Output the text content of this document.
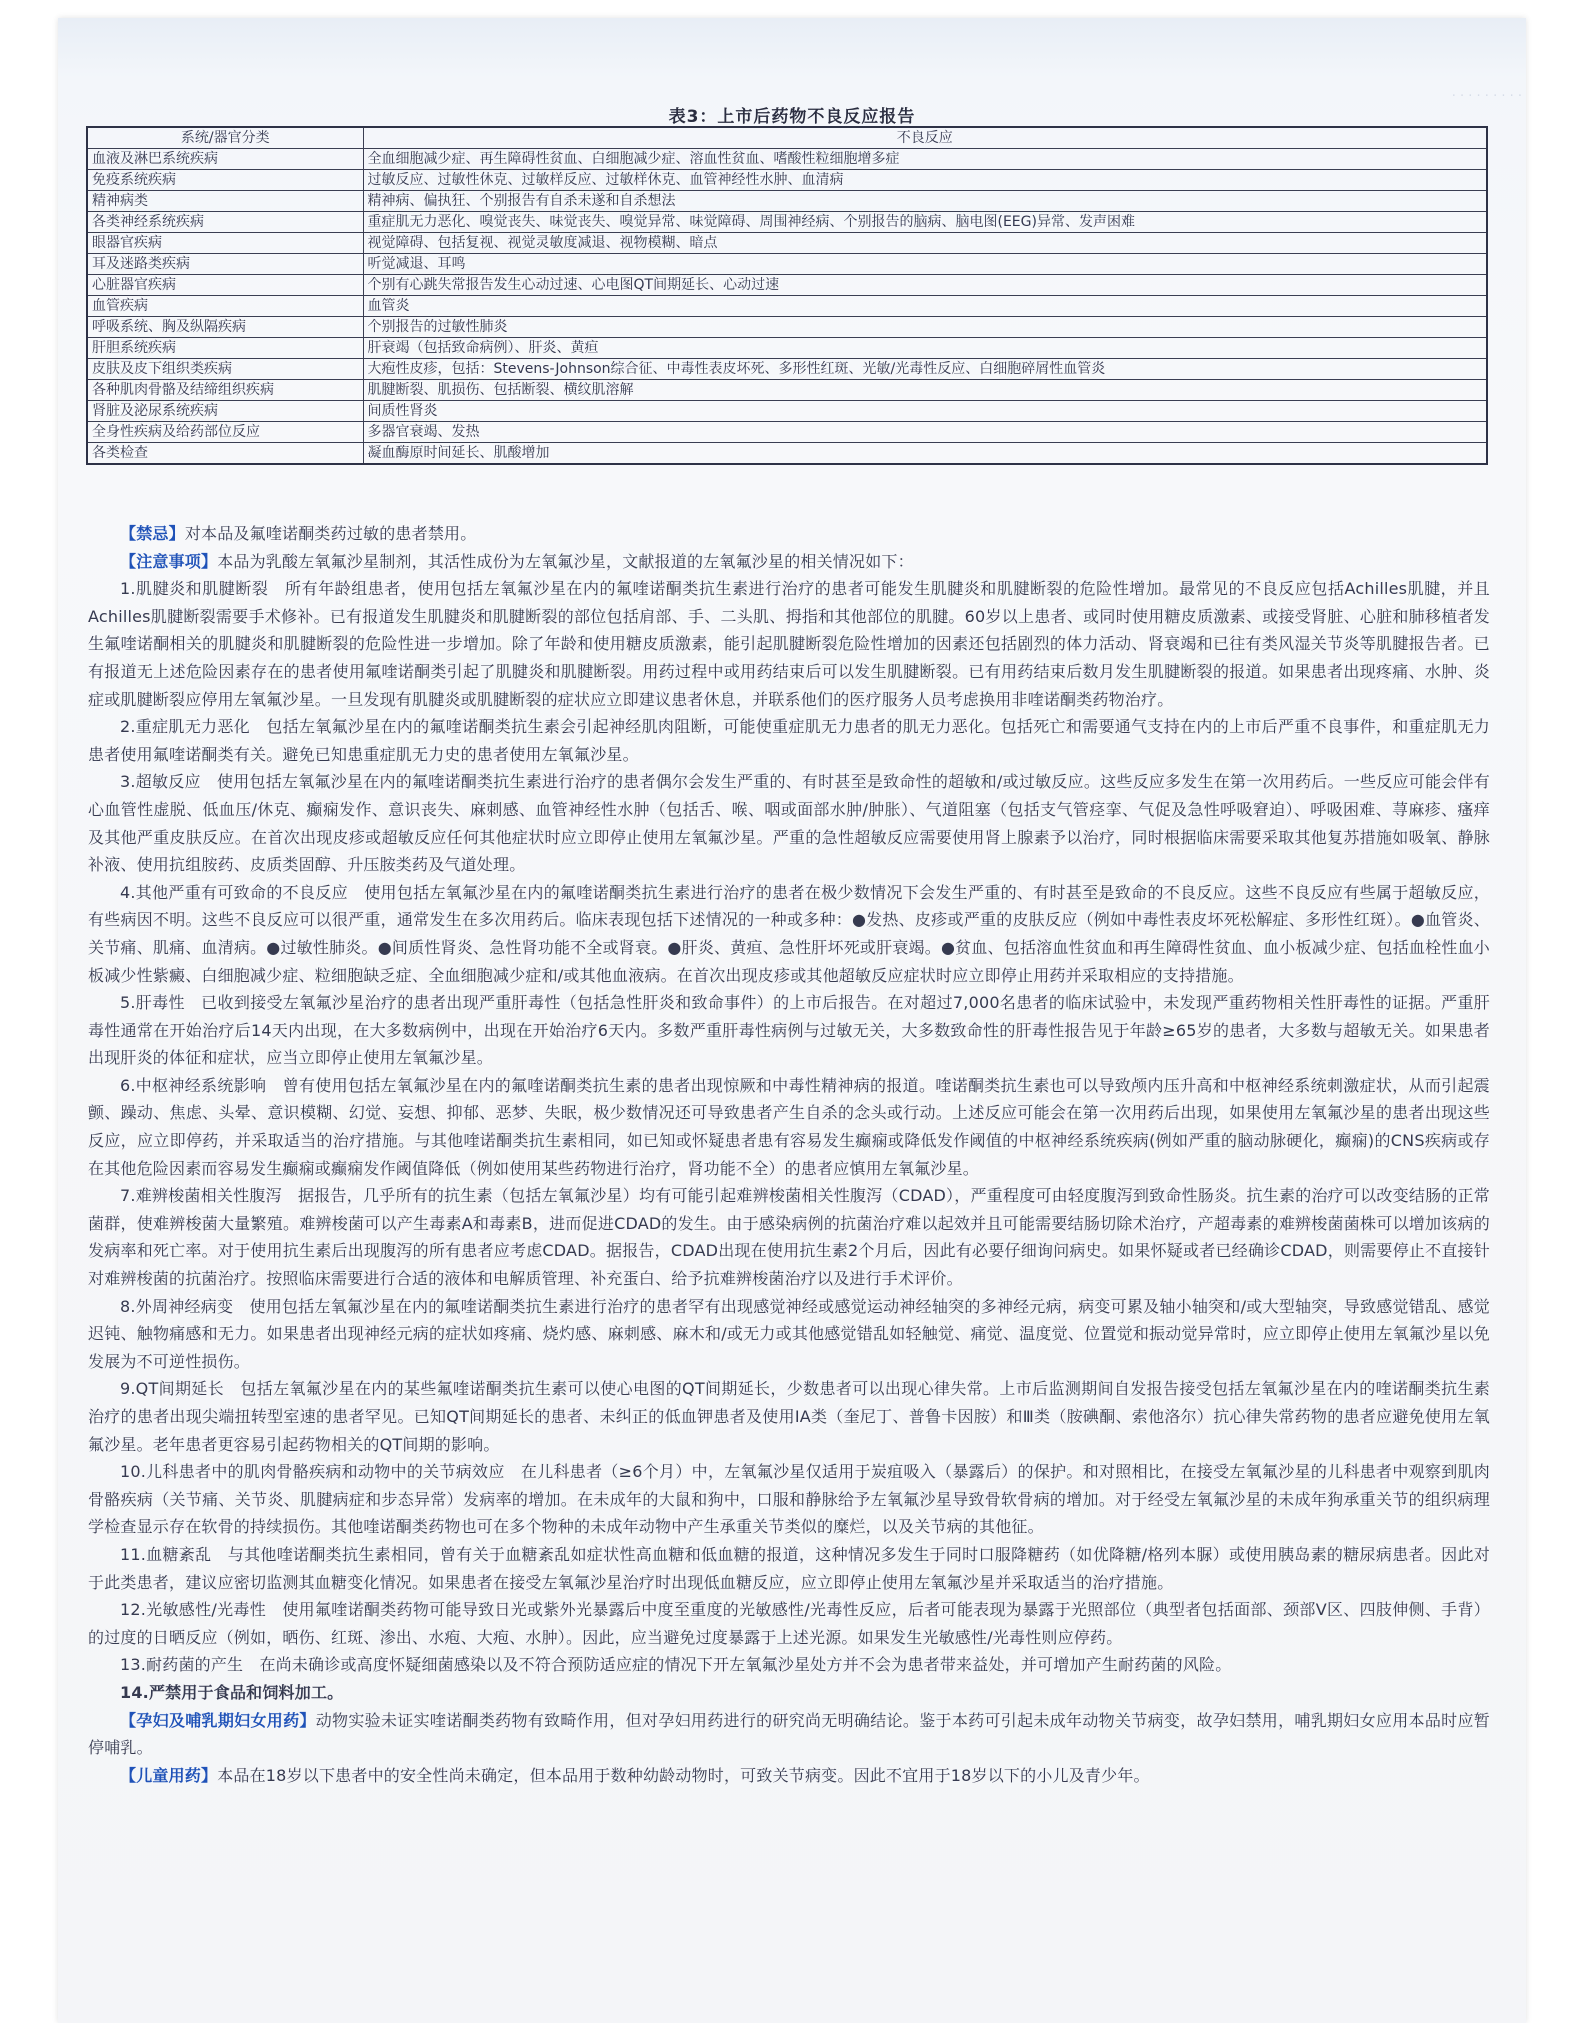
· · · · · · · · ·
表3：上市后药物不良反应报告
系统/器官分类	不良反应
血液及淋巴系统疾病	全血细胞减少症、再生障碍性贫血、白细胞减少症、溶血性贫血、嗜酸性粒细胞增多症
免疫系统疾病	过敏反应、过敏性休克、过敏样反应、过敏样休克、血管神经性水肿、血清病
精神病类	精神病、偏执狂、个别报告有自杀未遂和自杀想法
各类神经系统疾病	重症肌无力恶化、嗅觉丧失、味觉丧失、嗅觉异常、味觉障碍、周围神经病、个别报告的脑病、脑电图(EEG)异常、发声困难
眼器官疾病	视觉障碍、包括复视、视觉灵敏度减退、视物模糊、暗点
耳及迷路类疾病	听觉减退、耳鸣
心脏器官疾病	个别有心跳失常报告发生心动过速、心电图QT间期延长、心动过速
血管疾病	血管炎
呼吸系统、胸及纵隔疾病	个别报告的过敏性肺炎
肝胆系统疾病	肝衰竭（包括致命病例）、肝炎、黄疸
皮肤及皮下组织类疾病	大疱性皮疹，包括：Stevens-Johnson综合征、中毒性表皮坏死、多形性红斑、光敏/光毒性反应、白细胞碎屑性血管炎
各种肌肉骨骼及结缔组织疾病	肌腱断裂、肌损伤、包括断裂、横纹肌溶解
肾脏及泌尿系统疾病	间质性肾炎
全身性疾病及给药部位反应	多器官衰竭、发热
各类检查	凝血酶原时间延长、肌酸增加

【禁忌】对本品及氟喹诺酮类药过敏的患者禁用。

【注意事项】本品为乳酸左氧氟沙星制剂，其活性成份为左氧氟沙星，文献报道的左氧氟沙星的相关情况如下：

1.肌腱炎和肌腱断裂　所有年龄组患者，使用包括左氧氟沙星在内的氟喹诺酮类抗生素进行治疗的患者可能发生肌腱炎和肌腱断裂的危险性增加。最常见的不良反应包括Achilles肌腱，并且Achilles肌腱断裂需要手术修补。已有报道发生肌腱炎和肌腱断裂的部位包括肩部、手、二头肌、拇指和其他部位的肌腱。60岁以上患者、或同时使用糖皮质激素、或接受肾脏、心脏和肺移植者发生氟喹诺酮相关的肌腱炎和肌腱断裂的危险性进一步增加。除了年龄和使用糖皮质激素，能引起肌腱断裂危险性增加的因素还包括剧烈的体力活动、肾衰竭和已往有类风湿关节炎等肌腱报告者。已有报道无上述危险因素存在的患者使用氟喹诺酮类引起了肌腱炎和肌腱断裂。用药过程中或用药结束后可以发生肌腱断裂。已有用药结束后数月发生肌腱断裂的报道。如果患者出现疼痛、水肿、炎症或肌腱断裂应停用左氧氟沙星。一旦发现有肌腱炎或肌腱断裂的症状应立即建议患者休息，并联系他们的医疗服务人员考虑换用非喹诺酮类药物治疗。

2.重症肌无力恶化　包括左氧氟沙星在内的氟喹诺酮类抗生素会引起神经肌肉阻断，可能使重症肌无力患者的肌无力恶化。包括死亡和需要通气支持在内的上市后严重不良事件，和重症肌无力患者使用氟喹诺酮类有关。避免已知患重症肌无力史的患者使用左氧氟沙星。

3.超敏反应　使用包括左氧氟沙星在内的氟喹诺酮类抗生素进行治疗的患者偶尔会发生严重的、有时甚至是致命性的超敏和/或过敏反应。这些反应多发生在第一次用药后。一些反应可能会伴有心血管性虚脱、低血压/休克、癫痫发作、意识丧失、麻刺感、血管神经性水肿（包括舌、喉、咽或面部水肿/肿胀）、气道阻塞（包括支气管痉挛、气促及急性呼吸窘迫）、呼吸困难、荨麻疹、瘙痒及其他严重皮肤反应。在首次出现皮疹或超敏反应任何其他症状时应立即停止使用左氧氟沙星。严重的急性超敏反应需要使用肾上腺素予以治疗，同时根据临床需要采取其他复苏措施如吸氧、静脉补液、使用抗组胺药、皮质类固醇、升压胺类药及气道处理。

4.其他严重有可致命的不良反应　使用包括左氧氟沙星在内的氟喹诺酮类抗生素进行治疗的患者在极少数情况下会发生严重的、有时甚至是致命的不良反应。这些不良反应有些属于超敏反应，有些病因不明。这些不良反应可以很严重，通常发生在多次用药后。临床表现包括下述情况的一种或多种：●发热、皮疹或严重的皮肤反应（例如中毒性表皮坏死松解症、多形性红斑）。●血管炎、关节痛、肌痛、血清病。●过敏性肺炎。●间质性肾炎、急性肾功能不全或肾衰。●肝炎、黄疸、急性肝坏死或肝衰竭。●贫血、包括溶血性贫血和再生障碍性贫血、血小板减少症、包括血栓性血小板减少性紫癜、白细胞减少症、粒细胞缺乏症、全血细胞减少症和/或其他血液病。在首次出现皮疹或其他超敏反应症状时应立即停止用药并采取相应的支持措施。

5.肝毒性　已收到接受左氧氟沙星治疗的患者出现严重肝毒性（包括急性肝炎和致命事件）的上市后报告。在对超过7,000名患者的临床试验中，未发现严重药物相关性肝毒性的证据。严重肝毒性通常在开始治疗后14天内出现，在大多数病例中，出现在开始治疗6天内。多数严重肝毒性病例与过敏无关，大多数致命性的肝毒性报告见于年龄≥65岁的患者，大多数与超敏无关。如果患者出现肝炎的体征和症状，应当立即停止使用左氧氟沙星。

6.中枢神经系统影响　曾有使用包括左氧氟沙星在内的氟喹诺酮类抗生素的患者出现惊厥和中毒性精神病的报道。喹诺酮类抗生素也可以导致颅内压升高和中枢神经系统刺激症状，从而引起震颤、躁动、焦虑、头晕、意识模糊、幻觉、妄想、抑郁、恶梦、失眠，极少数情况还可导致患者产生自杀的念头或行动。上述反应可能会在第一次用药后出现，如果使用左氧氟沙星的患者出现这些反应，应立即停药，并采取适当的治疗措施。与其他喹诺酮类抗生素相同，如已知或怀疑患者患有容易发生癫痫或降低发作阈值的中枢神经系统疾病(例如严重的脑动脉硬化，癫痫)的CNS疾病或存在其他危险因素而容易发生癫痫或癫痫发作阈值降低（例如使用某些药物进行治疗，肾功能不全）的患者应慎用左氧氟沙星。

7.难辨梭菌相关性腹泻　据报告，几乎所有的抗生素（包括左氧氟沙星）均有可能引起难辨梭菌相关性腹泻（CDAD），严重程度可由轻度腹泻到致命性肠炎。抗生素的治疗可以改变结肠的正常菌群，使难辨梭菌大量繁殖。难辨梭菌可以产生毒素A和毒素B，进而促进CDAD的发生。由于感染病例的抗菌治疗难以起效并且可能需要结肠切除术治疗，产超毒素的难辨梭菌菌株可以增加该病的发病率和死亡率。对于使用抗生素后出现腹泻的所有患者应考虑CDAD。据报告，CDAD出现在使用抗生素2个月后，因此有必要仔细询问病史。如果怀疑或者已经确诊CDAD，则需要停止不直接针对难辨梭菌的抗菌治疗。按照临床需要进行合适的液体和电解质管理、补充蛋白、给予抗难辨梭菌治疗以及进行手术评价。

8.外周神经病变　使用包括左氧氟沙星在内的氟喹诺酮类抗生素进行治疗的患者罕有出现感觉神经或感觉运动神经轴突的多神经元病，病变可累及轴小轴突和/或大型轴突，导致感觉错乱、感觉迟钝、触物痛感和无力。如果患者出现神经元病的症状如疼痛、烧灼感、麻刺感、麻木和/或无力或其他感觉错乱如轻触觉、痛觉、温度觉、位置觉和振动觉异常时，应立即停止使用左氧氟沙星以免发展为不可逆性损伤。

9.QT间期延长　包括左氧氟沙星在内的某些氟喹诺酮类抗生素可以使心电图的QT间期延长，少数患者可以出现心律失常。上市后监测期间自发报告接受包括左氧氟沙星在内的喹诺酮类抗生素治疗的患者出现尖端扭转型室速的患者罕见。已知QT间期延长的患者、未纠正的低血钾患者及使用IA类（奎尼丁、普鲁卡因胺）和Ⅲ类（胺碘酮、索他洛尔）抗心律失常药物的患者应避免使用左氧氟沙星。老年患者更容易引起药物相关的QT间期的影响。

10.儿科患者中的肌肉骨骼疾病和动物中的关节病效应　在儿科患者（≥6个月）中，左氧氟沙星仅适用于炭疽吸入（暴露后）的保护。和对照相比，在接受左氧氟沙星的儿科患者中观察到肌肉骨骼疾病（关节痛、关节炎、肌腱病症和步态异常）发病率的增加。在未成年的大鼠和狗中，口服和静脉给予左氧氟沙星导致骨软骨病的增加。对于经受左氧氟沙星的未成年狗承重关节的组织病理学检查显示存在软骨的持续损伤。其他喹诺酮类药物也可在多个物种的未成年动物中产生承重关节类似的糜烂，以及关节病的其他征。

11.血糖紊乱　与其他喹诺酮类抗生素相同，曾有关于血糖紊乱如症状性高血糖和低血糖的报道，这种情况多发生于同时口服降糖药（如优降糖/格列本脲）或使用胰岛素的糖尿病患者。因此对于此类患者，建议应密切监测其血糖变化情况。如果患者在接受左氧氟沙星治疗时出现低血糖反应，应立即停止使用左氧氟沙星并采取适当的治疗措施。

12.光敏感性/光毒性　使用氟喹诺酮类药物可能导致日光或紫外光暴露后中度至重度的光敏感性/光毒性反应，后者可能表现为暴露于光照部位（典型者包括面部、颈部V区、四肢伸侧、手背）的过度的日晒反应（例如，晒伤、红斑、渗出、水疱、大疱、水肿）。因此，应当避免过度暴露于上述光源。如果发生光敏感性/光毒性则应停药。

13.耐药菌的产生　在尚未确诊或高度怀疑细菌感染以及不符合预防适应症的情况下开左氧氟沙星处方并不会为患者带来益处，并可增加产生耐药菌的风险。

14.严禁用于食品和饲料加工。

【孕妇及哺乳期妇女用药】动物实验未证实喹诺酮类药物有致畸作用，但对孕妇用药进行的研究尚无明确结论。鉴于本药可引起未成年动物关节病变，故孕妇禁用，哺乳期妇女应用本品时应暂停哺乳。

【儿童用药】本品在18岁以下患者中的安全性尚未确定，但本品用于数种幼龄动物时，可致关节病变。因此不宜用于18岁以下的小儿及青少年。
